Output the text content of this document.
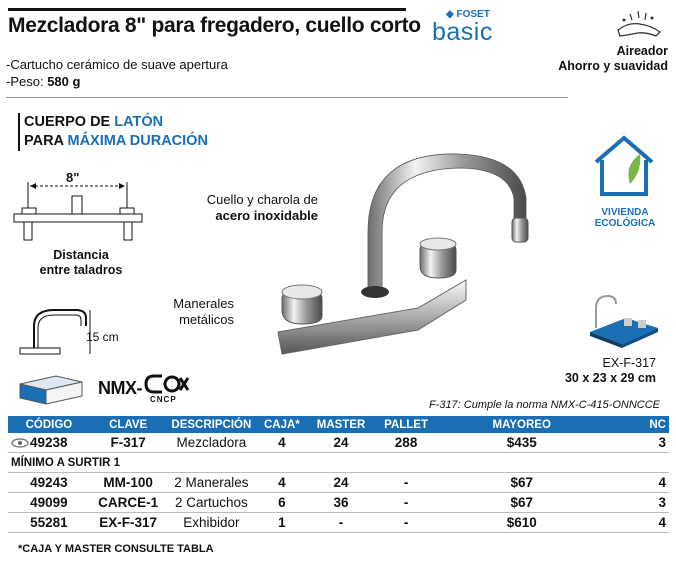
Mezcladora 8" para fregadero, cuello corto	◆ FOSET
basic
Aireador
Ahorro y suavidad
-Cartucho cerámico de suave apertura
-Peso: 580 g
CUERPO DE LATÓN
PARA MÁXIMA DURACIÓN
8"
Distancia
entre taladros
15 cm
Cuello y charola de
acero inoxidable
Manerales
metálicos
VIVIENDA
ECOLÓGICA
EX-F-317
30 x 23 x 29 cm
NMX-
CNCP	F-317: Cumple la norma NMX-C-415-ONNCCE
CÓDIGO	CLAVE	DESCRIPCIÓN	CAJA*	MASTER	PALLET	MAYOREO	NC
49238	F-317	Mezcladora	4	24	288	$435	3
MÍNIMO A SURTIR 1							
49243	MM-100	2 Manerales	4	24	-	$67	4
49099	CARCE-1	2 Cartuchos	6	36	-	$67	3
55281	EX-F-317	Exhibidor	1	-	-	$610	4
*CAJA Y MASTER CONSULTE TABLA
